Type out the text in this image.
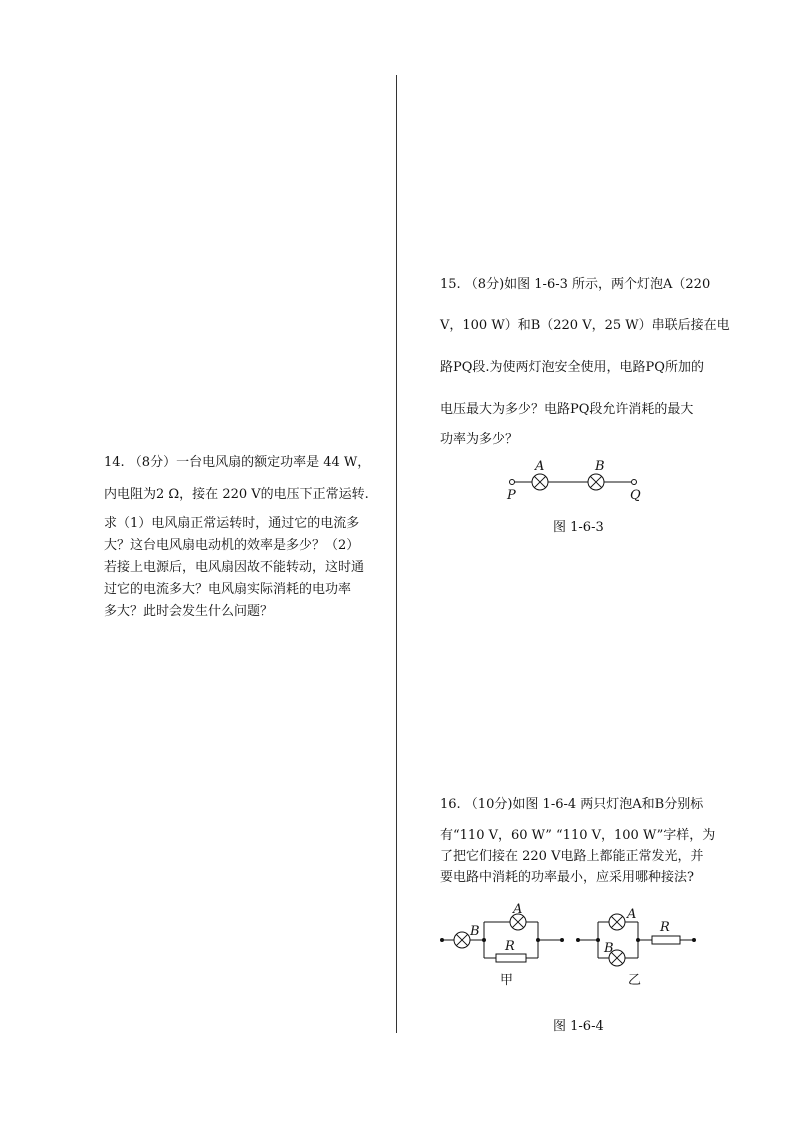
14. （8分）一台电风扇的额定功率是 44 W，
内电阻为2 Ω，接在 220 V的电压下正常运转.
求（1）电风扇正常运转时，通过它的电流多
大？这台电风扇电动机的效率是多少？（2）
若接上电源后，电风扇因故不能转动，这时通
过它的电流多大？电风扇实际消耗的电功率
多大？此时会发生什么问题？
15. （8分)如图 1-6-3 所示，两个灯泡A（220
V，100 W）和B（220 V，25 W）串联后接在电
路PQ段.为使两灯泡安全使用，电路PQ所加的
电压最大为多少？电路PQ段允许消耗的最大
功率为多少？
A	B
P	Q
图 1-6-3
16. （10分)如图 1-6-4 两只灯泡A和B分别标
有“110 V，60 W” “110 V，100 W”字样，为
了把它们接在 220 V电路上都能正常发光，并
要电路中消耗的功率最小，应采用哪种接法?
B
A
R
甲
A
B
R
乙
图 1-6-4
